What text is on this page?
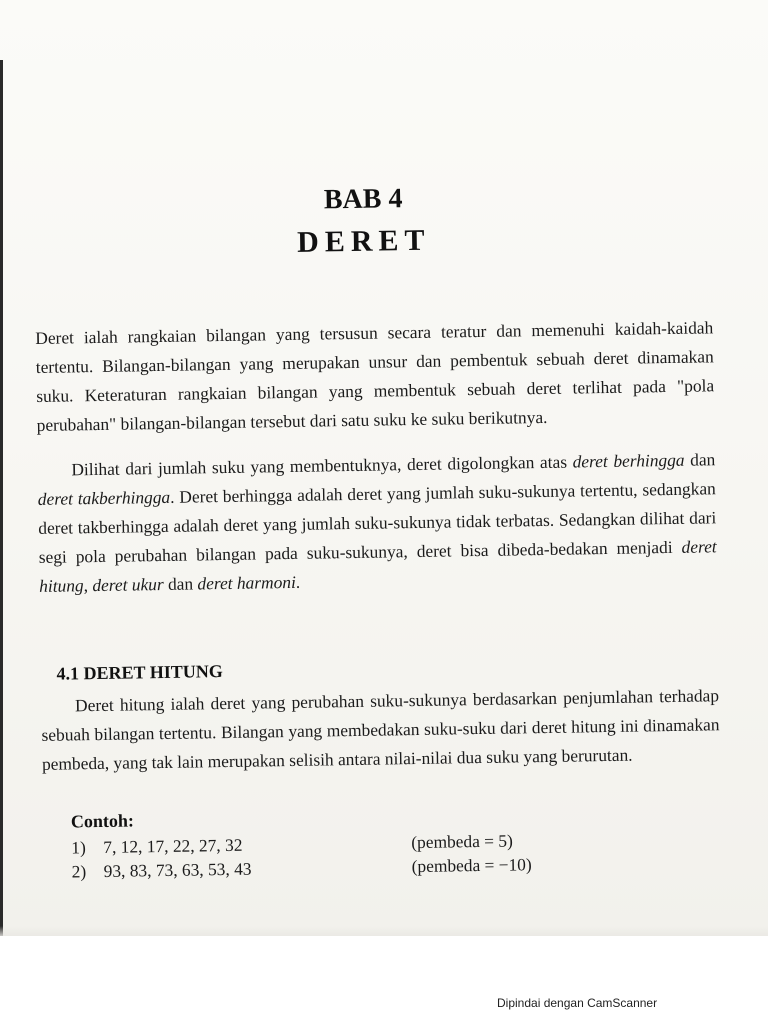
BAB 4
DERET

Deret ialah rangkaian bilangan yang tersusun secara teratur dan memenuhi kaidah-kaidah tertentu. Bilangan-bilangan yang merupakan unsur dan pembentuk sebuah deret dinamakan suku. Keteraturan rangkaian bilangan yang membentuk sebuah deret terlihat pada "pola perubahan" bilangan-bilangan tersebut dari satu suku ke suku berikutnya.

Dilihat dari jumlah suku yang membentuknya, deret digolongkan atas deret berhingga dan deret takberhingga. Deret berhingga adalah deret yang jumlah suku-sukunya tertentu, sedangkan deret takberhingga adalah deret yang jumlah suku-sukunya tidak terbatas. Sedangkan dilihat dari segi pola perubahan bilangan pada suku-sukunya, deret bisa dibeda-bedakan menjadi deret hitung, deret ukur dan deret harmoni.

4.1 DERET HITUNG

Deret hitung ialah deret yang perubahan suku-sukunya berdasarkan penjumlahan terhadap sebuah bilangan tertentu. Bilangan yang membedakan suku-suku dari deret hitung ini dinamakan pembeda, yang tak lain merupakan selisih antara nilai-nilai dua suku yang berurutan.

Contoh:
1) 7, 12, 17, 22, 27, 32	(pembeda = 5)
2) 93, 83, 73, 63, 53, 43	(pembeda = −10)
Dipindai dengan CamScanner
